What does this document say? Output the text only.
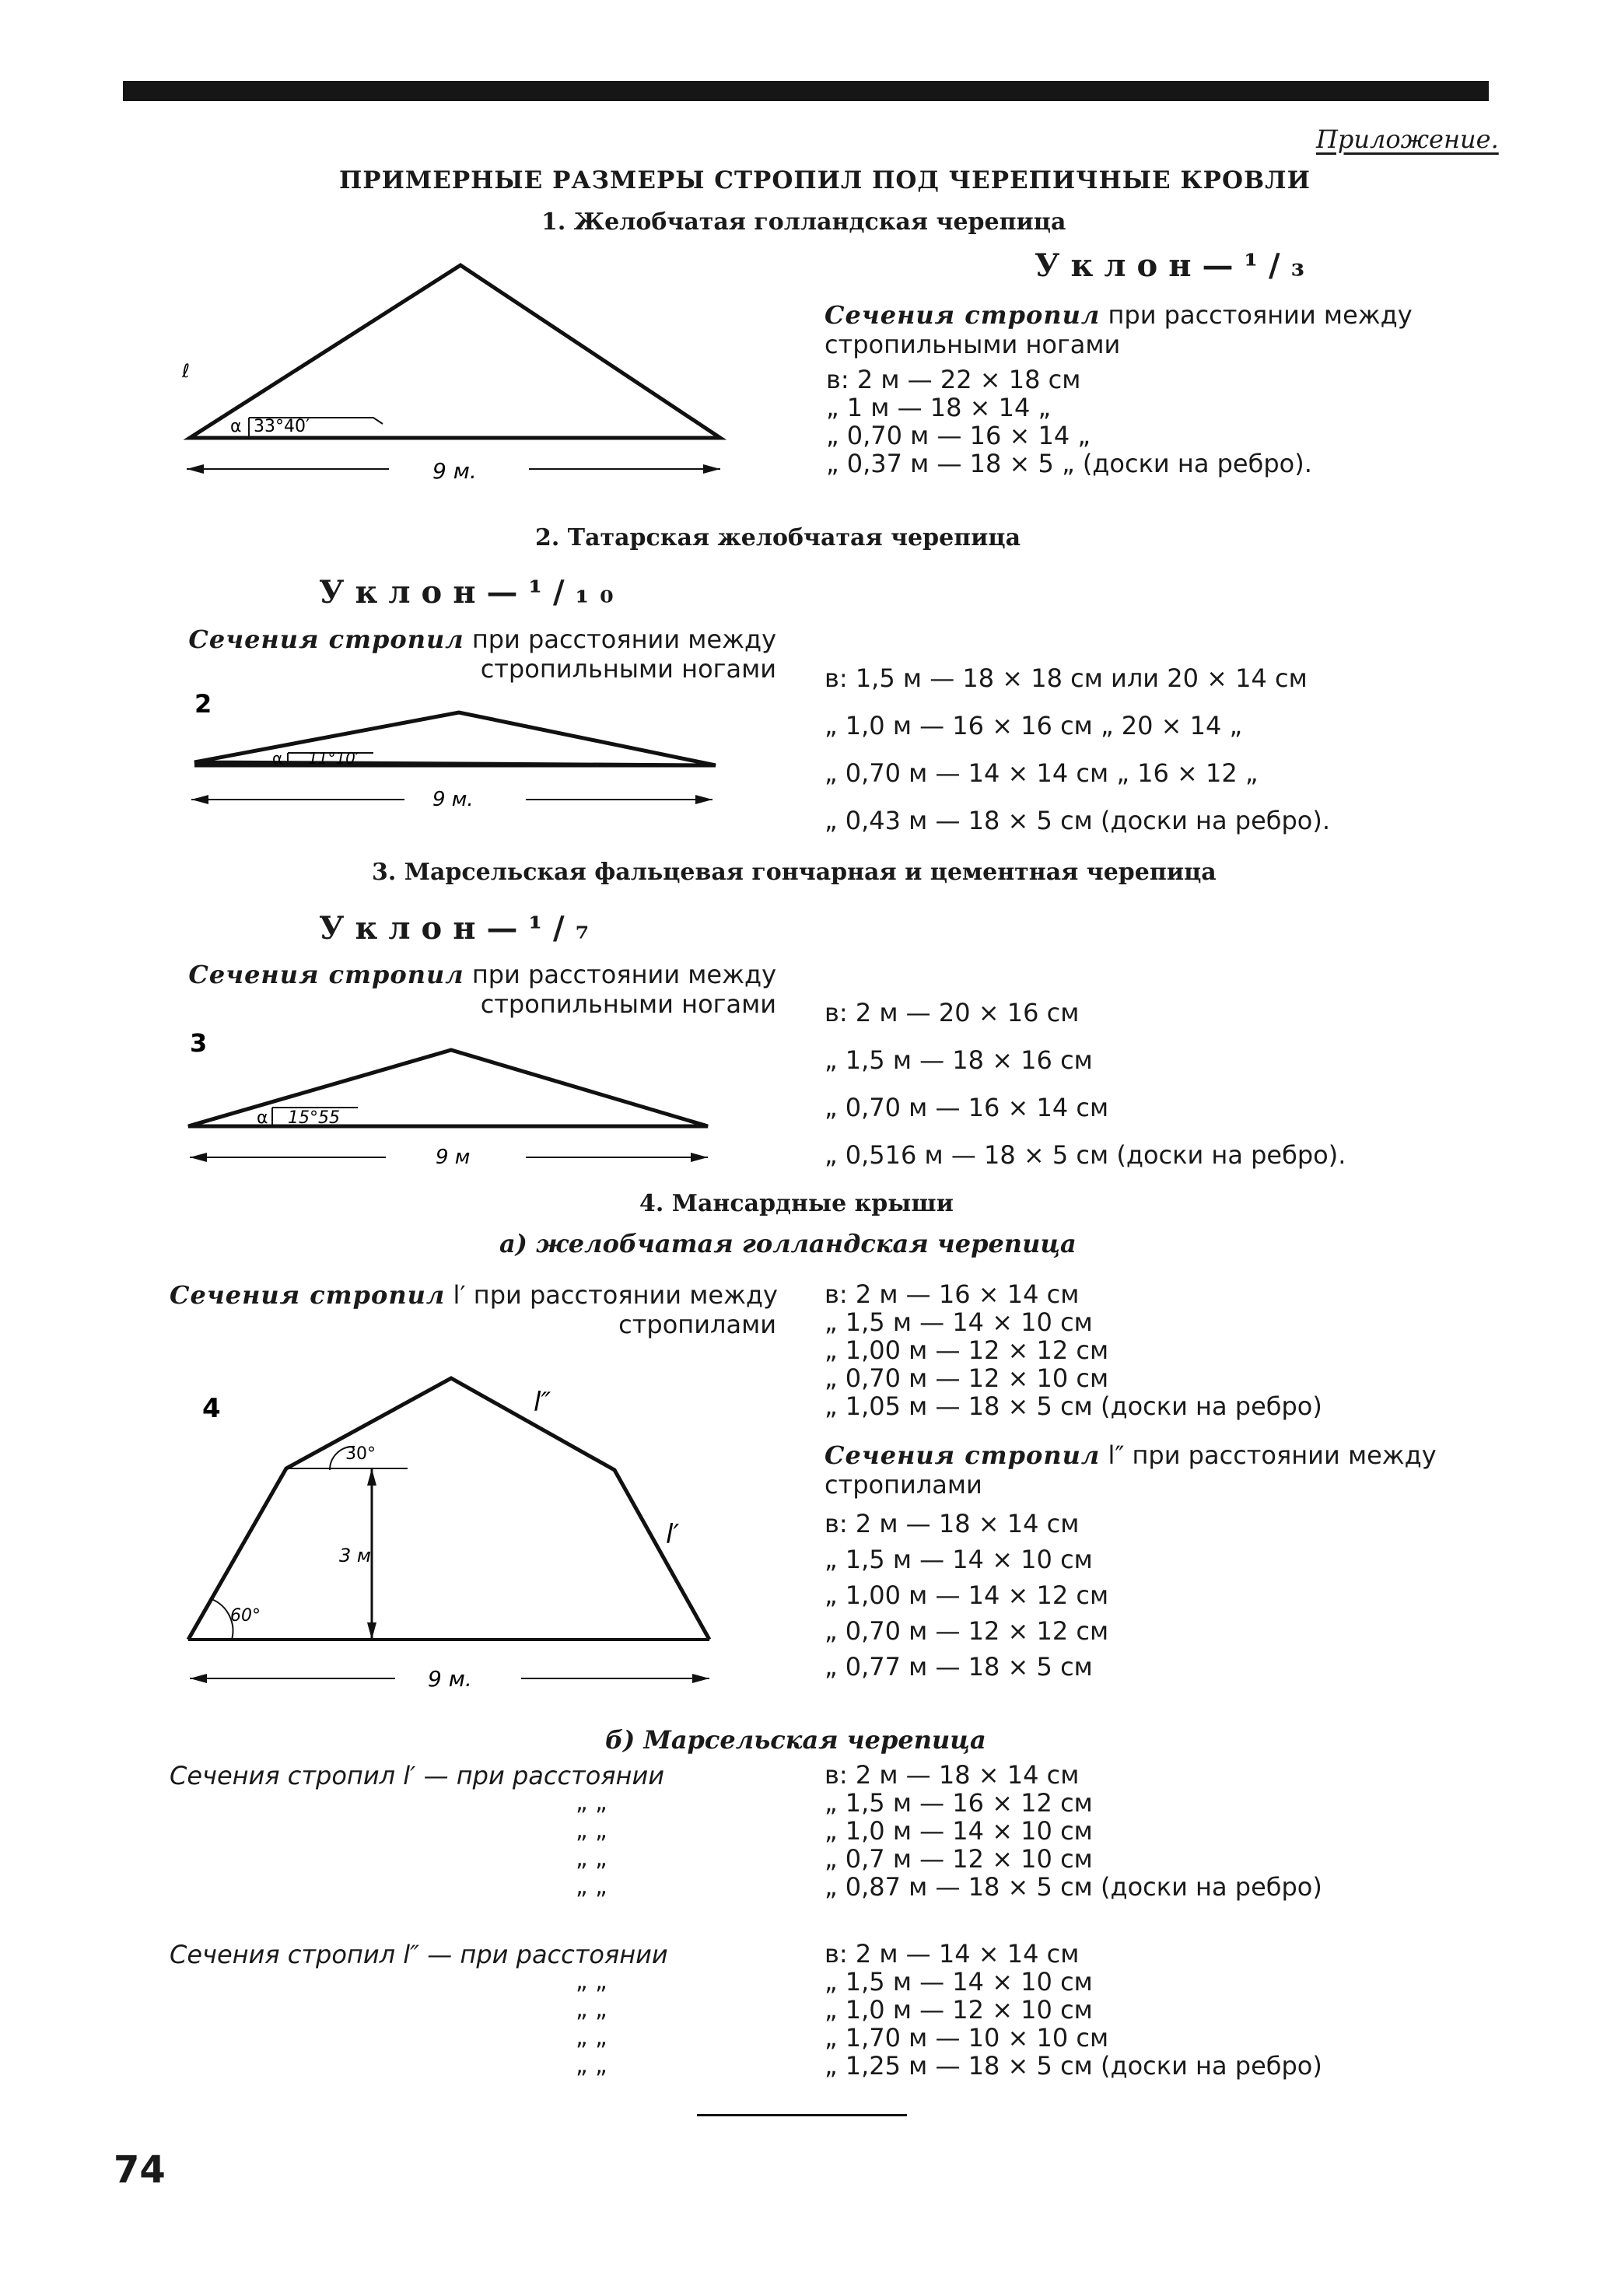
Приложение.
ПРИМЕРНЫЕ РАЗМЕРЫ СТРОПИЛ ПОД ЧЕРЕПИЧНЫЕ КРОВЛИ
1. Желобчатая голландская черепица
Уклон—¹/₃
Сечения стропил при расстоянии между
стропильными ногами
в: 2 м — 22 × 18 см
„ 1 м — 18 × 14 „
„ 0,70 м — 16 × 14 „
„ 0,37 м — 18 × 5 „ (доски на ребро).
α 33°40′
ℓ
9 м.
2. Татарская желобчатая черепица
Уклон—¹/₁₀
Сечения стропил при расстоянии между
стропильными ногами в: 1,5 м — 18 × 18 см или 20 × 14 см
„ 1,0 м — 16 × 16 см „ 20 × 14 „
„ 0,70 м — 14 × 14 см „ 16 × 12 „
„ 0,43 м — 18 × 5 см (доски на ребро).
2
α 11°10′
9 м.
3. Марсельская фальцевая гончарная и цементная черепица
Уклон—¹/₇
Сечения стропил при расстоянии между
стропильными ногами в: 2 м — 20 × 16 см
„ 1,5 м — 18 × 16 см
„ 0,70 м — 16 × 14 см
„ 0,516 м — 18 × 5 см (доски на ребро).
3
α 15°55
9 м
4. Мансардные крыши
а) желобчатая голландская черепица
Сечения стропил l′ при расстоянии между
стропилами
в: 2 м — 16 × 14 см
„ 1,5 м — 14 × 10 см
„ 1,00 м — 12 × 12 см
„ 0,70 м — 12 × 10 см
„ 1,05 м — 18 × 5 см (доски на ребро)
Сечения стропил l″ при расстоянии между
стропилами
в: 2 м — 18 × 14 см
„ 1,5 м — 14 × 10 см
„ 1,00 м — 14 × 12 см
„ 0,70 м — 12 × 12 см
„ 0,77 м — 18 × 5 см
4
3 м
30°
60°
l″
l′
9 м.
б) Марсельская черепица
Сечения стропил l′ — при расстоянии
„ „
„ „
„ „
„ „
в: 2 м — 18 × 14 см
„ 1,5 м — 16 × 12 см
„ 1,0 м — 14 × 10 см
„ 0,7 м — 12 × 10 см
„ 0,87 м — 18 × 5 см (доски на ребро)
Сечения стропил l″ — при расстоянии
„ „
„ „
„ „
„ „
в: 2 м — 14 × 14 см
„ 1,5 м — 14 × 10 см
„ 1,0 м — 12 × 10 см
„ 1,70 м — 10 × 10 см
„ 1,25 м — 18 × 5 см (доски на ребро)
74
